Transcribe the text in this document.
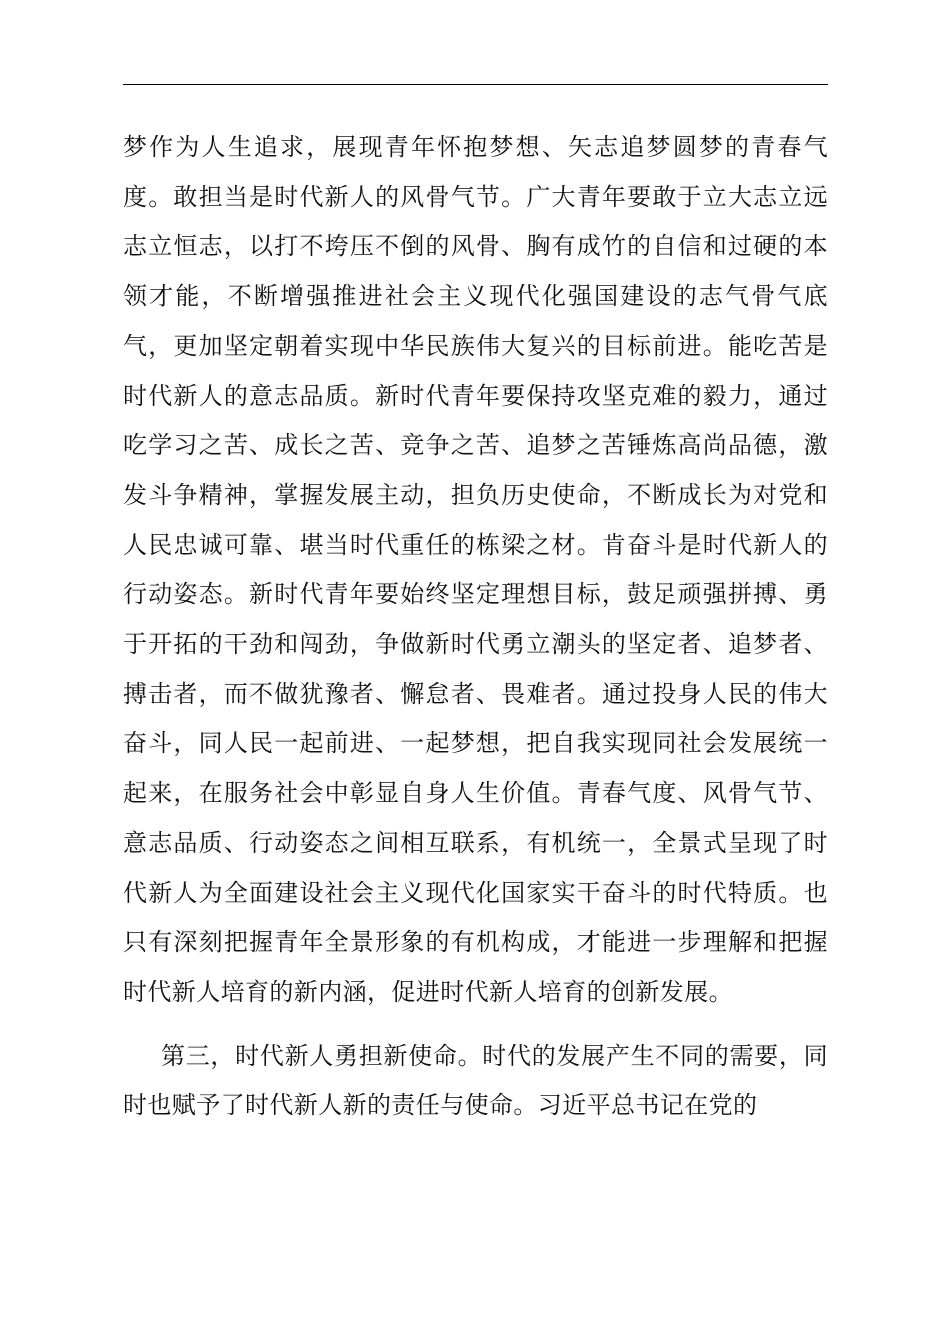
梦作为人生追求，展现青年怀抱梦想、矢志追梦圆梦的青春气度。敢担当是时代新人的风骨气节。广大青年要敢于立大志立远志立恒志，以打不垮压不倒的风骨、胸有成竹的自信和过硬的本领才能，不断增强推进社会主义现代化强国建设的志气骨气底气，更加坚定朝着实现中华民族伟大复兴的目标前进。能吃苦是时代新人的意志品质。新时代青年要保持攻坚克难的毅力，通过吃学习之苦、成长之苦、竞争之苦、追梦之苦锤炼高尚品德，激发斗争精神，掌握发展主动，担负历史使命，不断成长为对党和人民忠诚可靠、堪当时代重任的栋梁之材。肯奋斗是时代新人的行动姿态。新时代青年要始终坚定理想目标，鼓足顽强拼搏、勇于开拓的干劲和闯劲，争做新时代勇立潮头的坚定者、追梦者、搏击者，而不做犹豫者、懈怠者、畏难者。通过投身人民的伟大奋斗，同人民一起前进、一起梦想，把自我实现同社会发展统一起来，在服务社会中彰显自身人生价值。青春气度、风骨气节、意志品质、行动姿态之间相互联系，有机统一，全景式呈现了时代新人为全面建设社会主义现代化国家实干奋斗的时代特质。也只有深刻把握青年全景形象的有机构成，才能进一步理解和把握时代新人培育的新内涵，促进时代新人培育的创新发展。

第三，时代新人勇担新使命。时代的发展产生不同的需要，同时也赋予了时代新人新的责任与使命。习近平总书记在党的
